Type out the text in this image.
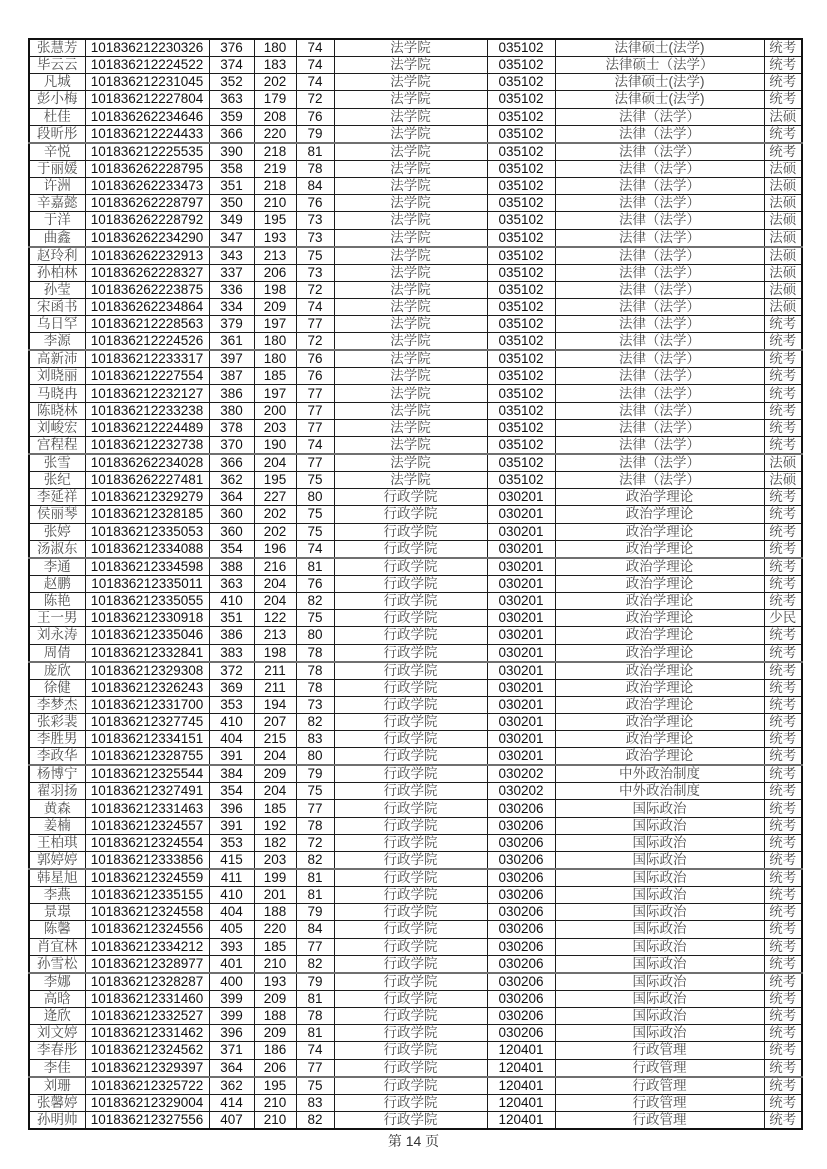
张慧芳	101836212230326	376	180	74	法学院	035102	法律硕士(法学)	统考
毕云云	101836212224522	374	183	74	法学院	035102	法律硕士（法学）	统考
凡城	101836212231045	352	202	74	法学院	035102	法律硕士(法学)	统考
彭小梅	101836212227804	363	179	72	法学院	035102	法律硕士(法学)	统考
杜佳	101836262234646	359	208	76	法学院	035102	法律（法学）	法硕
段昕彤	101836212224433	366	220	79	法学院	035102	法律（法学）	统考
辛悦	101836212225535	390	218	81	法学院	035102	法律（法学）	统考
于丽媛	101836262228795	358	219	78	法学院	035102	法律（法学）	法硕
许洲	101836262233473	351	218	84	法学院	035102	法律（法学）	法硕
辛嘉懿	101836262228797	350	210	76	法学院	035102	法律（法学）	法硕
于洋	101836262228792	349	195	73	法学院	035102	法律（法学）	法硕
曲鑫	101836262234290	347	193	73	法学院	035102	法律（法学）	法硕
赵玲利	101836262232913	343	213	75	法学院	035102	法律（法学）	法硕
孙柏林	101836262228327	337	206	73	法学院	035102	法律（法学）	法硕
孙莹	101836262223875	336	198	72	法学院	035102	法律（法学）	法硕
宋函书	101836262234864	334	209	74	法学院	035102	法律（法学）	法硕
乌日罕	101836212228563	379	197	77	法学院	035102	法律（法学）	统考
李源	101836212224526	361	180	72	法学院	035102	法律（法学）	统考
高新沛	101836212233317	397	180	76	法学院	035102	法律（法学）	统考
刘晓丽	101836212227554	387	185	76	法学院	035102	法律（法学）	统考
马晓冉	101836212232127	386	197	77	法学院	035102	法律（法学）	统考
陈晓林	101836212233238	380	200	77	法学院	035102	法律（法学）	统考
刘峻宏	101836212224489	378	203	77	法学院	035102	法律（法学）	统考
宫程程	101836212232738	370	190	74	法学院	035102	法律（法学）	统考
张雪	101836262234028	366	204	77	法学院	035102	法律（法学）	法硕
张纪	101836262227481	362	195	75	法学院	035102	法律（法学）	法硕
李延祥	101836212329279	364	227	80	行政学院	030201	政治学理论	统考
侯丽琴	101836212328185	360	202	75	行政学院	030201	政治学理论	统考
张婷	101836212335053	360	202	75	行政学院	030201	政治学理论	统考
汤淑东	101836212334088	354	196	74	行政学院	030201	政治学理论	统考
李通	101836212334598	388	216	81	行政学院	030201	政治学理论	统考
赵鹏	101836212335011	363	204	76	行政学院	030201	政治学理论	统考
陈艳	101836212335055	410	204	82	行政学院	030201	政治学理论	统考
王一男	101836212330918	351	122	75	行政学院	030201	政治学理论	少民
刘永涛	101836212335046	386	213	80	行政学院	030201	政治学理论	统考
周倩	101836212332841	383	198	78	行政学院	030201	政治学理论	统考
庞欣	101836212329308	372	211	78	行政学院	030201	政治学理论	统考
徐健	101836212326243	369	211	78	行政学院	030201	政治学理论	统考
李梦杰	101836212331700	353	194	73	行政学院	030201	政治学理论	统考
张彩裴	101836212327745	410	207	82	行政学院	030201	政治学理论	统考
李胜男	101836212334151	404	215	83	行政学院	030201	政治学理论	统考
李政华	101836212328755	391	204	80	行政学院	030201	政治学理论	统考
杨博宁	101836212325544	384	209	79	行政学院	030202	中外政治制度	统考
翟羽扬	101836212327491	354	204	75	行政学院	030202	中外政治制度	统考
黄森	101836212331463	396	185	77	行政学院	030206	国际政治	统考
姜楠	101836212324557	391	192	78	行政学院	030206	国际政治	统考
王柏琪	101836212324554	353	182	72	行政学院	030206	国际政治	统考
郭婷婷	101836212333856	415	203	82	行政学院	030206	国际政治	统考
韩星旭	101836212324559	411	199	81	行政学院	030206	国际政治	统考
李燕	101836212335155	410	201	81	行政学院	030206	国际政治	统考
景璟	101836212324558	404	188	79	行政学院	030206	国际政治	统考
陈馨	101836212324556	405	220	84	行政学院	030206	国际政治	统考
肖宜林	101836212334212	393	185	77	行政学院	030206	国际政治	统考
孙雪松	101836212328977	401	210	82	行政学院	030206	国际政治	统考
李娜	101836212328287	400	193	79	行政学院	030206	国际政治	统考
高晗	101836212331460	399	209	81	行政学院	030206	国际政治	统考
逄欣	101836212332527	399	188	78	行政学院	030206	国际政治	统考
刘文婷	101836212331462	396	209	81	行政学院	030206	国际政治	统考
李春彤	101836212324562	371	186	74	行政学院	120401	行政管理	统考
李佳	101836212329397	364	206	77	行政学院	120401	行政管理	统考
刘珊	101836212325722	362	195	75	行政学院	120401	行政管理	统考
张馨婷	101836212329004	414	210	83	行政学院	120401	行政管理	统考
孙明帅	101836212327556	407	210	82	行政学院	120401	行政管理	统考
第 14 页
